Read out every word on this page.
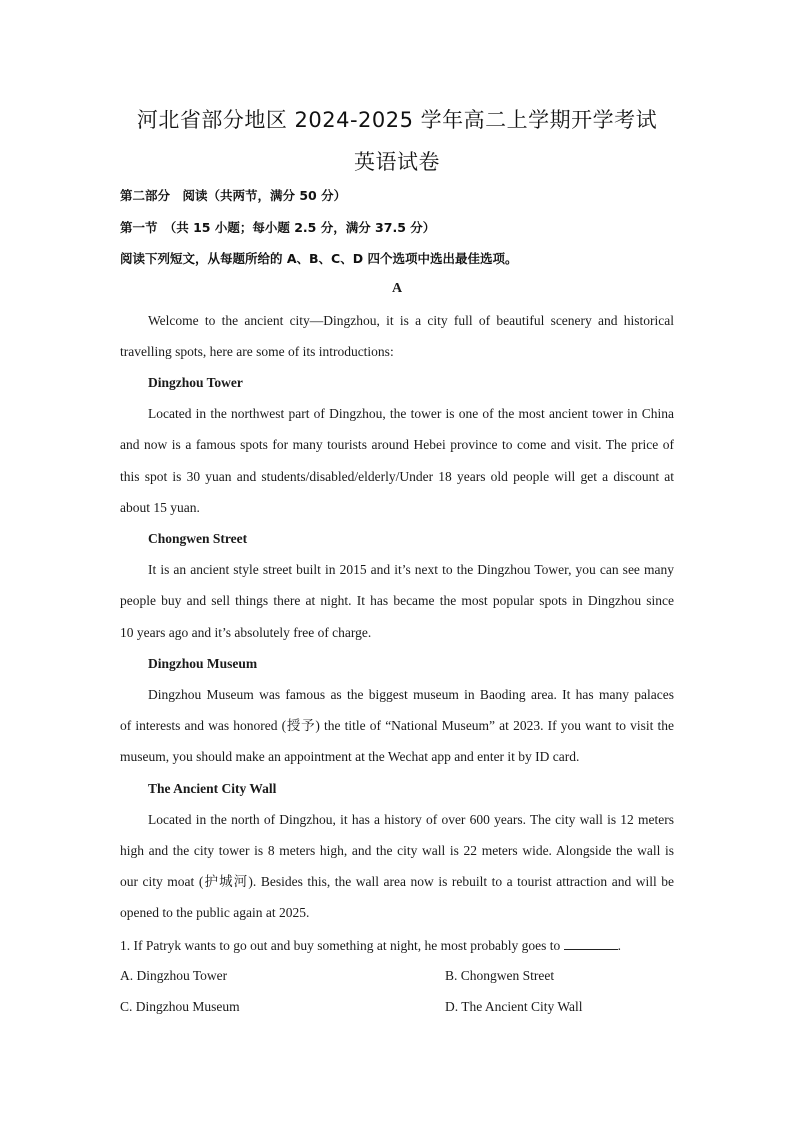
河北省部分地区 2024-2025 学年高二上学期开学考试
英语试卷
第二部分　阅读（共两节，满分 50 分）
第一节　（共 15 小题；每小题 2.5 分，满分 37.5 分）
阅读下列短文，从每题所给的 A、B、C、D 四个选项中选出最佳选项。
A
Welcome to the ancient city—Dingzhou, it is a city full of beautiful scenery and historical
travelling spots, here are some of its introductions:
Dingzhou Tower
Located in the northwest part of Dingzhou, the tower is one of the most ancient tower in China
and now is a famous spots for many tourists around Hebei province to come and visit. The price of
this spot is 30 yuan and students/disabled/elderly/Under 18 years old people will get a discount at
about 15 yuan.
Chongwen Street
It is an ancient style street built in 2015 and it’s next to the Dingzhou Tower, you can see many
people buy and sell things there at night. It has became the most popular spots in Dingzhou since
10 years ago and it’s absolutely free of charge.
Dingzhou Museum
Dingzhou Museum was famous as the biggest museum in Baoding area. It has many palaces
of interests and was honored (授予) the title of “National Museum” at 2023. If you want to visit the
museum, you should make an appointment at the Wechat app and enter it by ID card.
The Ancient City Wall
Located in the north of Dingzhou, it has a history of over 600 years. The city wall is 12 meters
high and the city tower is 8 meters high, and the city wall is 22 meters wide. Alongside the wall is
our city moat (护城河). Besides this, the wall area now is rebuilt to a tourist attraction and will be
opened to the public again at 2025.
1. If Patryk wants to go out and buy something at night, he most probably goes to	.
A. Dingzhou Tower	B. Chongwen Street
C. Dingzhou Museum	D. The Ancient City Wall
